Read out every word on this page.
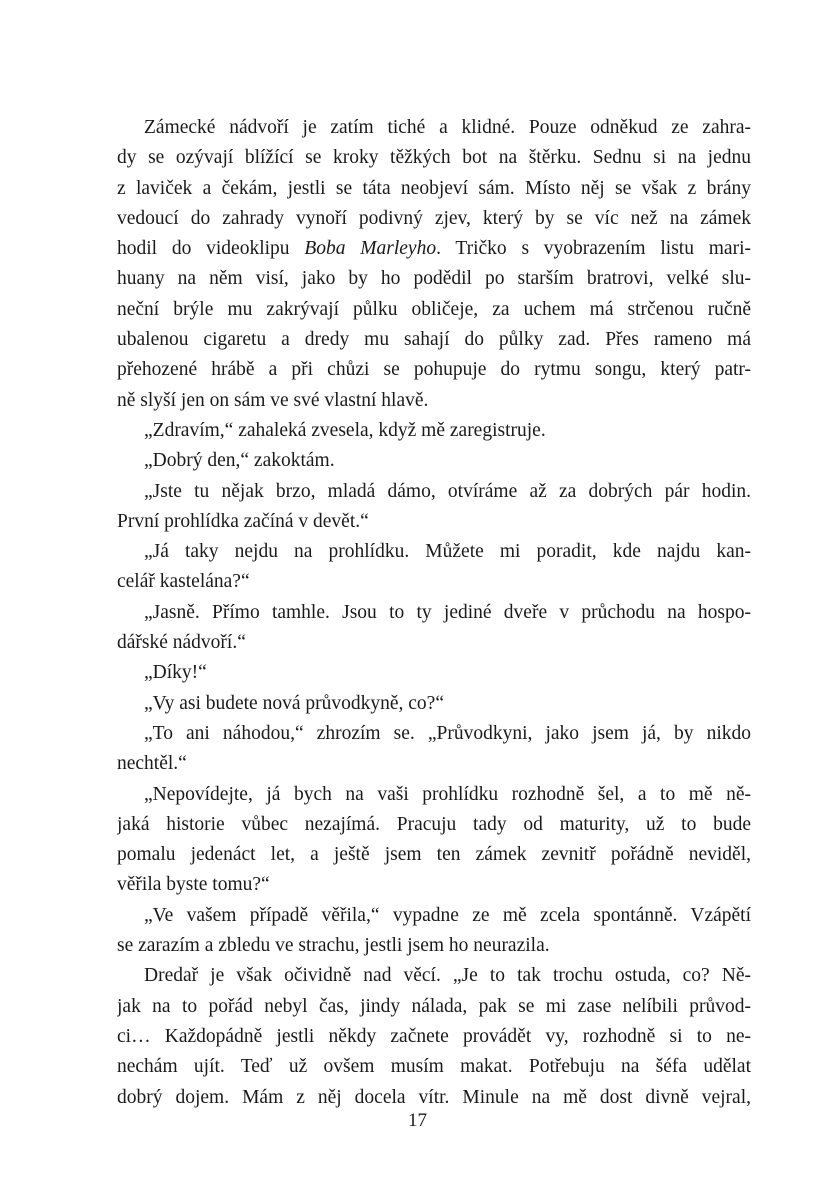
Zámecké nádvoří je zatím tiché a klidné. Pouze odněkud ze zahra-
dy se ozývají blížící se kroky těžkých bot na štěrku. Sednu si na jednu
z laviček a čekám, jestli se táta neobjeví sám. Místo něj se však z brány
vedoucí do zahrady vynoří podivný zjev, který by se víc než na zámek
hodil do videoklipu Boba Marleyho. Tričko s vyobrazením listu mari-
huany na něm visí, jako by ho podědil po starším bratrovi, velké slu-
neční brýle mu zakrývají půlku obličeje, za uchem má strčenou ručně
ubalenou cigaretu a dredy mu sahají do půlky zad. Přes rameno má
přehozené hrábě a při chůzi se pohupuje do rytmu songu, který patr-
ně slyší jen on sám ve své vlastní hlavě.
„Zdravím,“ zahaleká zvesela, když mě zaregistruje.
„Dobrý den,“ zakoktám.
„Jste tu nějak brzo, mladá dámo, otvíráme až za dobrých pár hodin.
První prohlídka začíná v devět.“
„Já taky nejdu na prohlídku. Můžete mi poradit, kde najdu kan-
celář kastelána?“
„Jasně. Přímo tamhle. Jsou to ty jediné dveře v průchodu na hospo-
dářské nádvoří.“
„Díky!“
„Vy asi budete nová průvodkyně, co?“
„To ani náhodou,“ zhrozím se. „Průvodkyni, jako jsem já, by nikdo
nechtěl.“
„Nepovídejte, já bych na vaši prohlídku rozhodně šel, a to mě ně-
jaká historie vůbec nezajímá. Pracuju tady od maturity, už to bude
pomalu jedenáct let, a ještě jsem ten zámek zevnitř pořádně neviděl,
věřila byste tomu?“
„Ve vašem případě věřila,“ vypadne ze mě zcela spontánně. Vzápětí
se zarazím a zbledu ve strachu, jestli jsem ho neurazila.
Dredař je však očividně nad věcí. „Je to tak trochu ostuda, co? Ně-
jak na to pořád nebyl čas, jindy nálada, pak se mi zase nelíbili průvod-
ci… Každopádně jestli někdy začnete provádět vy, rozhodně si to ne-
nechám ujít. Teď už ovšem musím makat. Potřebuju na šéfa udělat
dobrý dojem. Mám z něj docela vítr. Minule na mě dost divně vejral,
17
